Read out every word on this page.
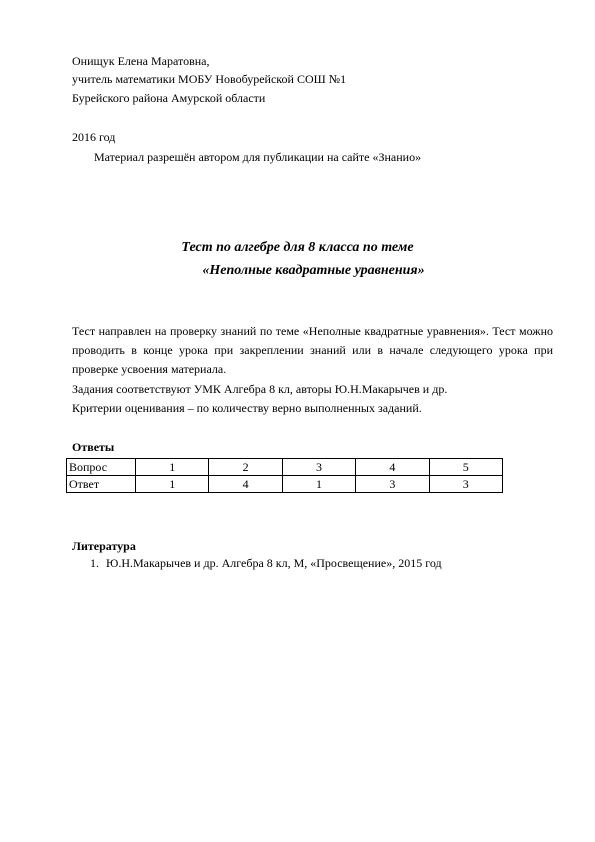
Онищук Елена Маратовна,
учитель математики МОБУ Новобурейской СОШ №1
Бурейского района Амурской области
2016 год
Материал разрешён автором для публикации на сайте «Знанио»
Тест по алгебре для 8 класса по теме
«Неполные квадратные уравнения»
Тест направлен на проверку знаний по теме «Неполные квадратные уравнения». Тест можно проводить в конце урока при закреплении знаний или в начале следующего урока при проверке усвоения материала.
Задания соответствуют УМК Алгебра 8 кл, авторы Ю.Н.Макарычев и др.
Критерии оценивания – по количеству верно выполненных заданий.
Ответы
Вопрос	1	2	3	4	5
Ответ	1	4	1	3	3
Литература
1. Ю.Н.Макарычев и др. Алгебра 8 кл, М, «Просвещение», 2015 год
